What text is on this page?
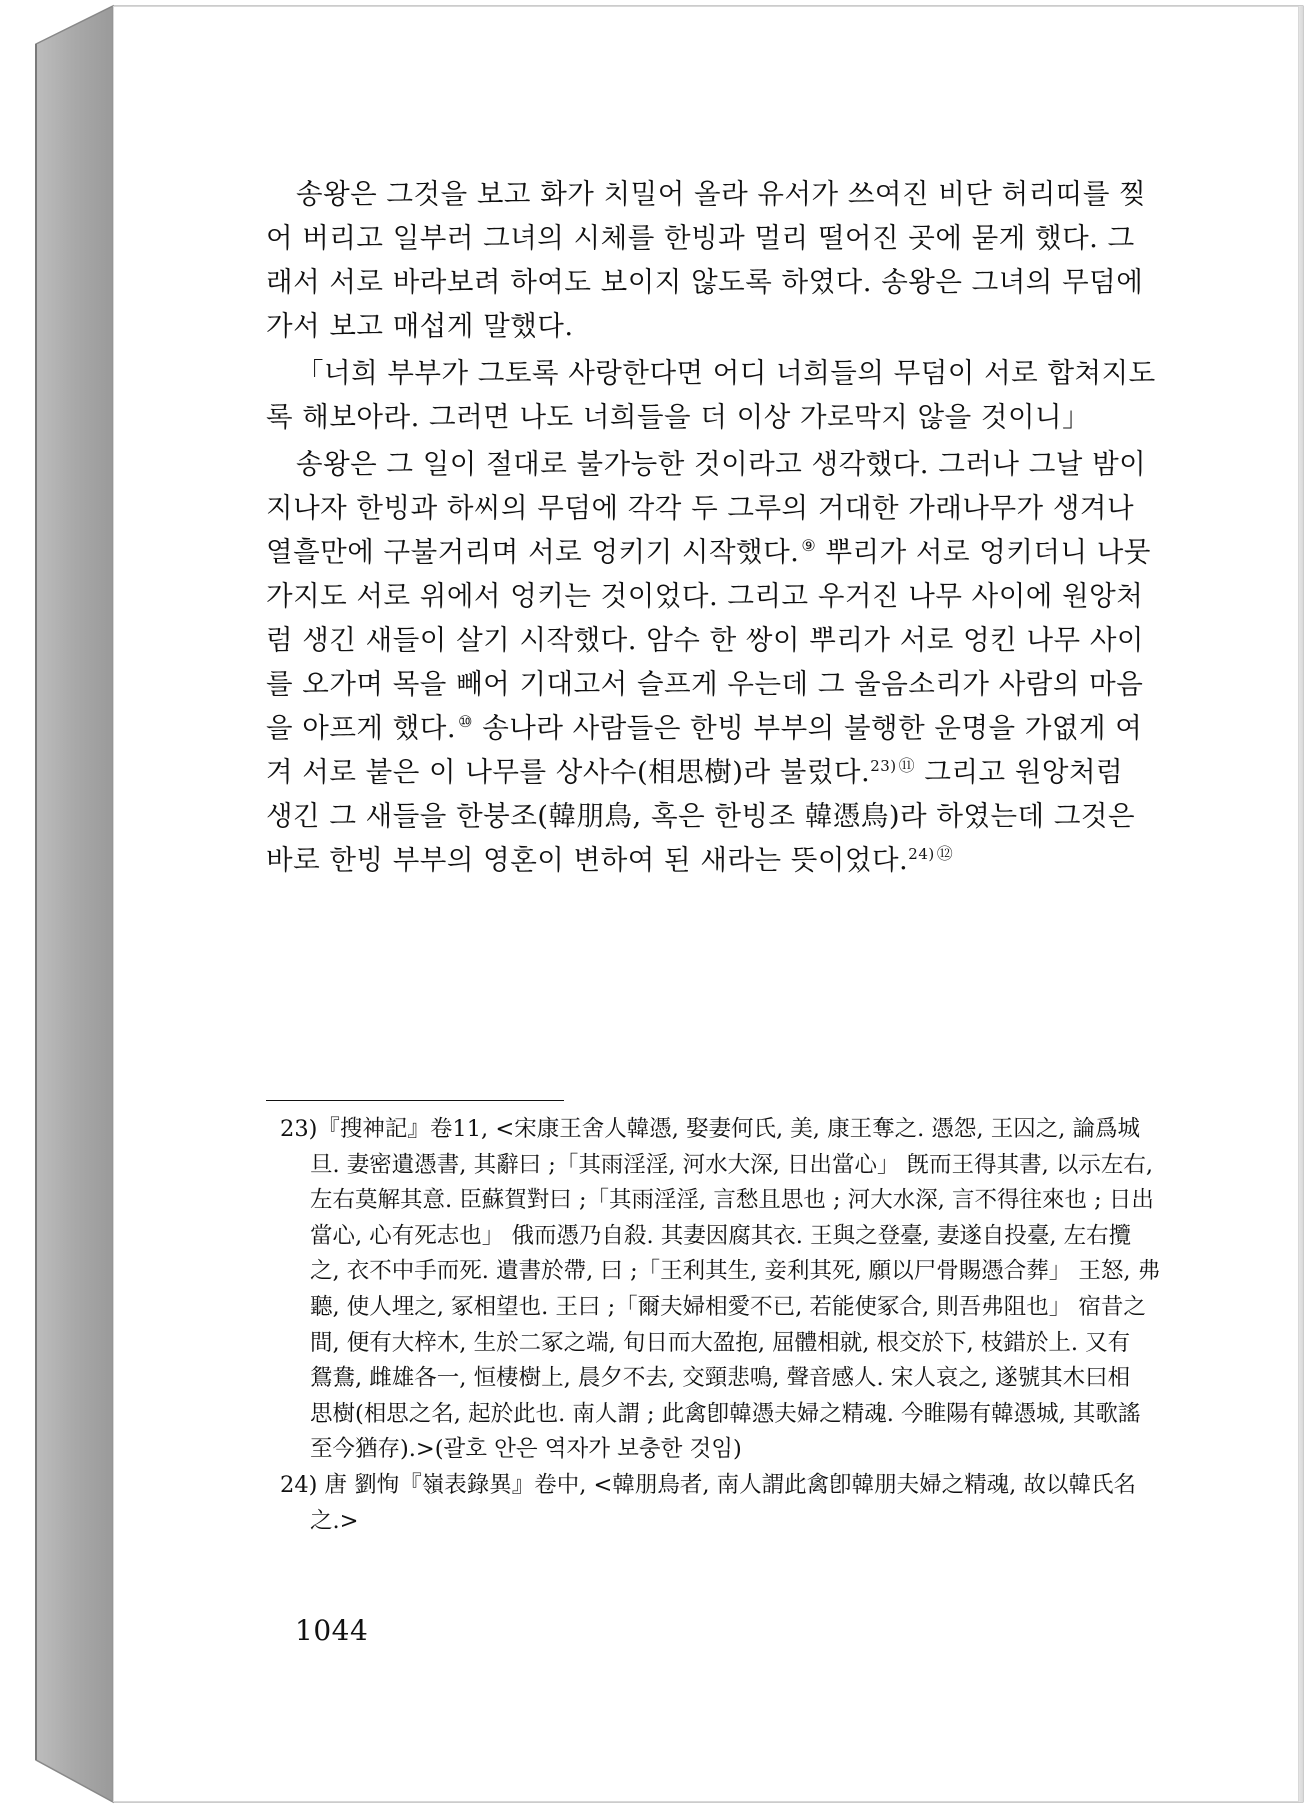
송왕은 그것을 보고 화가 치밀어 올라 유서가 쓰여진 비단 허리띠를 찢
어 버리고 일부러 그녀의 시체를 한빙과 멀리 떨어진 곳에 묻게 했다. 그
래서 서로 바라보려 하여도 보이지 않도록 하였다. 송왕은 그녀의 무덤에
가서 보고 매섭게 말했다.
「너희 부부가 그토록 사랑한다면 어디 너희들의 무덤이 서로 합쳐지도
록 해보아라. 그러면 나도 너희들을 더 이상 가로막지 않을 것이니」
송왕은 그 일이 절대로 불가능한 것이라고 생각했다. 그러나 그날 밤이
지나자 한빙과 하씨의 무덤에 각각 두 그루의 거대한 가래나무가 생겨나
열흘만에 구불거리며 서로 엉키기 시작했다. ⑨ 뿌리가 서로 엉키더니 나뭇
가지도 서로 위에서 엉키는 것이었다. 그리고 우거진 나무 사이에 원앙처
럼 생긴 새들이 살기 시작했다. 암수 한 쌍이 뿌리가 서로 엉킨 나무 사이
를 오가며 목을 빼어 기대고서 슬프게 우는데 그 울음소리가 사람의 마음
을 아프게 했다. ⑩ 송나라 사람들은 한빙 부부의 불행한 운명을 가엾게 여
겨 서로 붙은 이 나무를 상사수(相思樹)라 불렀다.$^{23)}$ ⑪ 그리고 원앙처럼
생긴 그 새들을 한붕조(韓朋鳥, 혹은 한빙조 韓憑鳥)라 하였는데 그것은
바로 한빙 부부의 영혼이 변하여 된 새라는 뜻이었다.$^{24)}$ ⑫
23)『搜神記』卷11, <宋康王舍人韓憑, 娶妻何氏, 美, 康王奪之. 憑怨, 王囚之, 論爲城
旦. 妻密遺憑書, 其辭曰 ;「其雨淫淫, 河水大深, 日出當心」 旣而王得其書, 以示左右,
左右莫解其意. 臣蘇賀對曰 ;「其雨淫淫, 言愁且思也 ; 河大水深, 言不得往來也 ; 日出
當心, 心有死志也」 俄而憑乃自殺. 其妻因腐其衣. 王與之登臺, 妻遂自投臺, 左右攬
之, 衣不中手而死. 遺書於帶, 曰 ;「王利其生, 妾利其死, 願以尸骨賜憑合葬」 王怒, 弗
聽, 使人埋之, 冢相望也. 王曰 ;「爾夫婦相愛不已, 若能使冢合, 則吾弗阻也」 宿昔之
間, 便有大梓木, 生於二冢之端, 旬日而大盈抱, 屈體相就, 根交於下, 枝錯於上. 又有
鴛鴦, 雌雄各一, 恒棲樹上, 晨夕不去, 交頸悲鳴, 聲音感人. 宋人哀之, 遂號其木曰相
思樹(相思之名, 起於此也. 南人謂 ; 此禽卽韓憑夫婦之精魂. 今睢陽有韓憑城, 其歌謠
至今猶存).>(괄호 안은 역자가 보충한 것임)
24) 唐 劉恂『嶺表錄異』卷中, <韓朋鳥者, 南人謂此禽卽韓朋夫婦之精魂, 故以韓氏名
之.>
1044
